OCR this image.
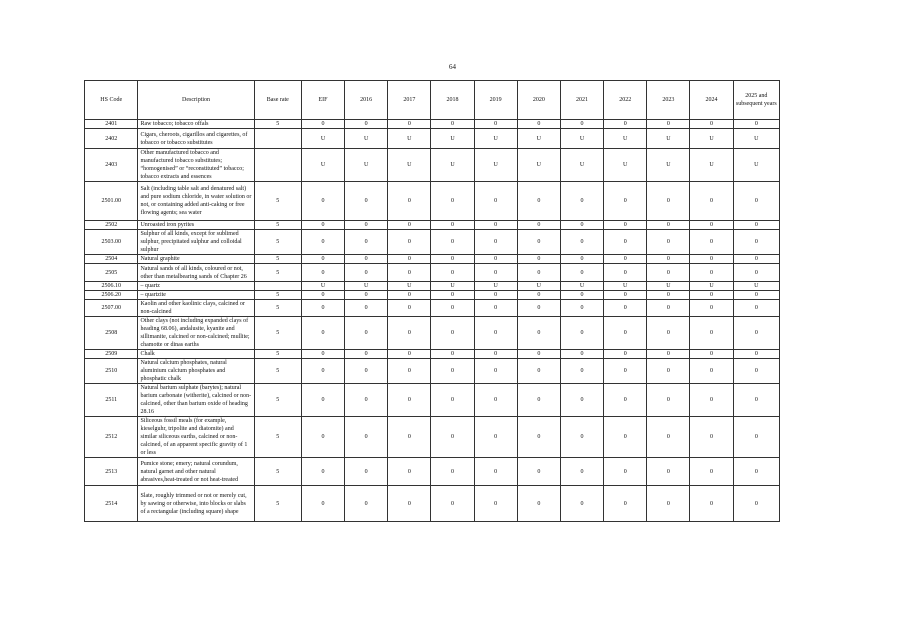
64
HS Code	Description	Base rate	EIF	2016	2017	2018	2019	2020	2021	2022	2023	2024	2025 and subsequent years
2401	Raw tobacco; tobacco offals	5	0	0	0	0	0	0	0	0	0	0	0
2402	Cigars, cheroots, cigarillos and cigarettes, of tobacco or tobacco substitutes		U	U	U	U	U	U	U	U	U	U	U
2403	Other manufactured tobacco and manufactured tobacco substitutes; “homogenised” or “reconstituted” tobacco; tobacco extracts and essences		U	U	U	U	U	U	U	U	U	U	U
2501.00	Salt (including table salt and denatured salt) and pure sodium chloride, in water solution or not, or containing added anti-caking or free flowing agents; sea water	5	0	0	0	0	0	0	0	0	0	0	0
2502	Unroasted iron pyrites	5	0	0	0	0	0	0	0	0	0	0	0
2503.00	Sulphur of all kinds, except for sublimed sulphur, precipitated sulphur and colloidal sulphur	5	0	0	0	0	0	0	0	0	0	0	0
2504	Natural graphite	5	0	0	0	0	0	0	0	0	0	0	0
2505	Natural sands of all kinds, coloured or not, other than metalbearing sands of Chapter 26	5	0	0	0	0	0	0	0	0	0	0	0
2506.10	– quartz		U	U	U	U	U	U	U	U	U	U	U
2506.20	– quartzite	5	0	0	0	0	0	0	0	0	0	0	0
2507.00	Kaolin and other kaolinic clays, calcined or non-calcined	5	0	0	0	0	0	0	0	0	0	0	0
2508	Other clays (not including expanded clays of heading 68.06), andalusite, kyanite and sillimanite, calcined or non-calcined; mullite; chamotte or dinas earths	5	0	0	0	0	0	0	0	0	0	0	0
2509	Chalk	5	0	0	0	0	0	0	0	0	0	0	0
2510	Natural calcium phosphates, natural aluminium calcium phosphates and phosphatic chalk	5	0	0	0	0	0	0	0	0	0	0	0
2511	Natural barium sulphate (barytes); natural barium carbonate (witherite), calcined or non-calcined, other than barium oxide of heading 28.16	5	0	0	0	0	0	0	0	0	0	0	0
2512	Siliceous fossil meals (for example, kieselguhr, tripolite and diatomite) and similar siliceous earths, calcined or non-calcined, of an apparent specific gravity of 1 or less	5	0	0	0	0	0	0	0	0	0	0	0
2513	Pumice stone; emery; natural corundum, natural garnet and other natural abrasives,heat-treated or not heat-treated	5	0	0	0	0	0	0	0	0	0	0	0
2514	Slate, roughly trimmed or not or merely cut, by sawing or otherwise, into blocks or slabs of a rectangular (including square) shape	5	0	0	0	0	0	0	0	0	0	0	0
